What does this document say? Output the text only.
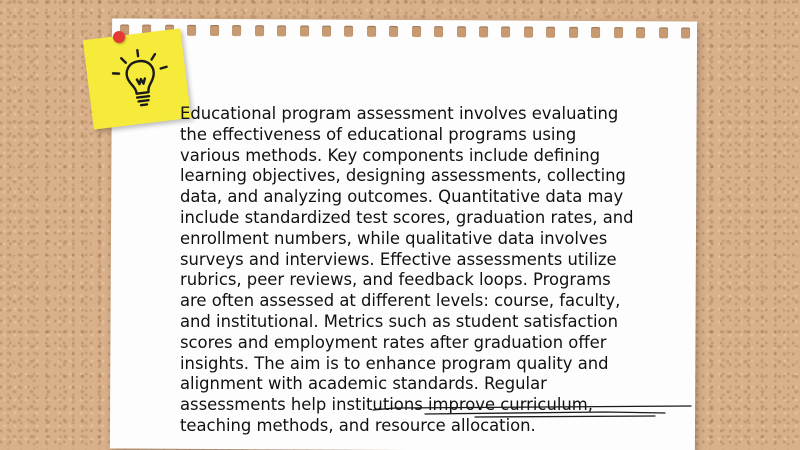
Educational program assessment involves evaluating the effectiveness of educational programs using various methods. Key components include defining learning objectives, designing assessments, collecting data, and analyzing outcomes. Quantitative data may include standardized test scores, graduation rates, and enrollment numbers, while qualitative data involves surveys and interviews. Effective assessments utilize rubrics, peer reviews, and feedback loops. Programs are often assessed at different levels: course, faculty, and institutional. Metrics such as student satisfaction scores and employment rates after graduation offer insights. The aim is to enhance program quality and alignment with academic standards. Regular assessments help institutions improve curriculum, teaching methods, and resource allocation.
